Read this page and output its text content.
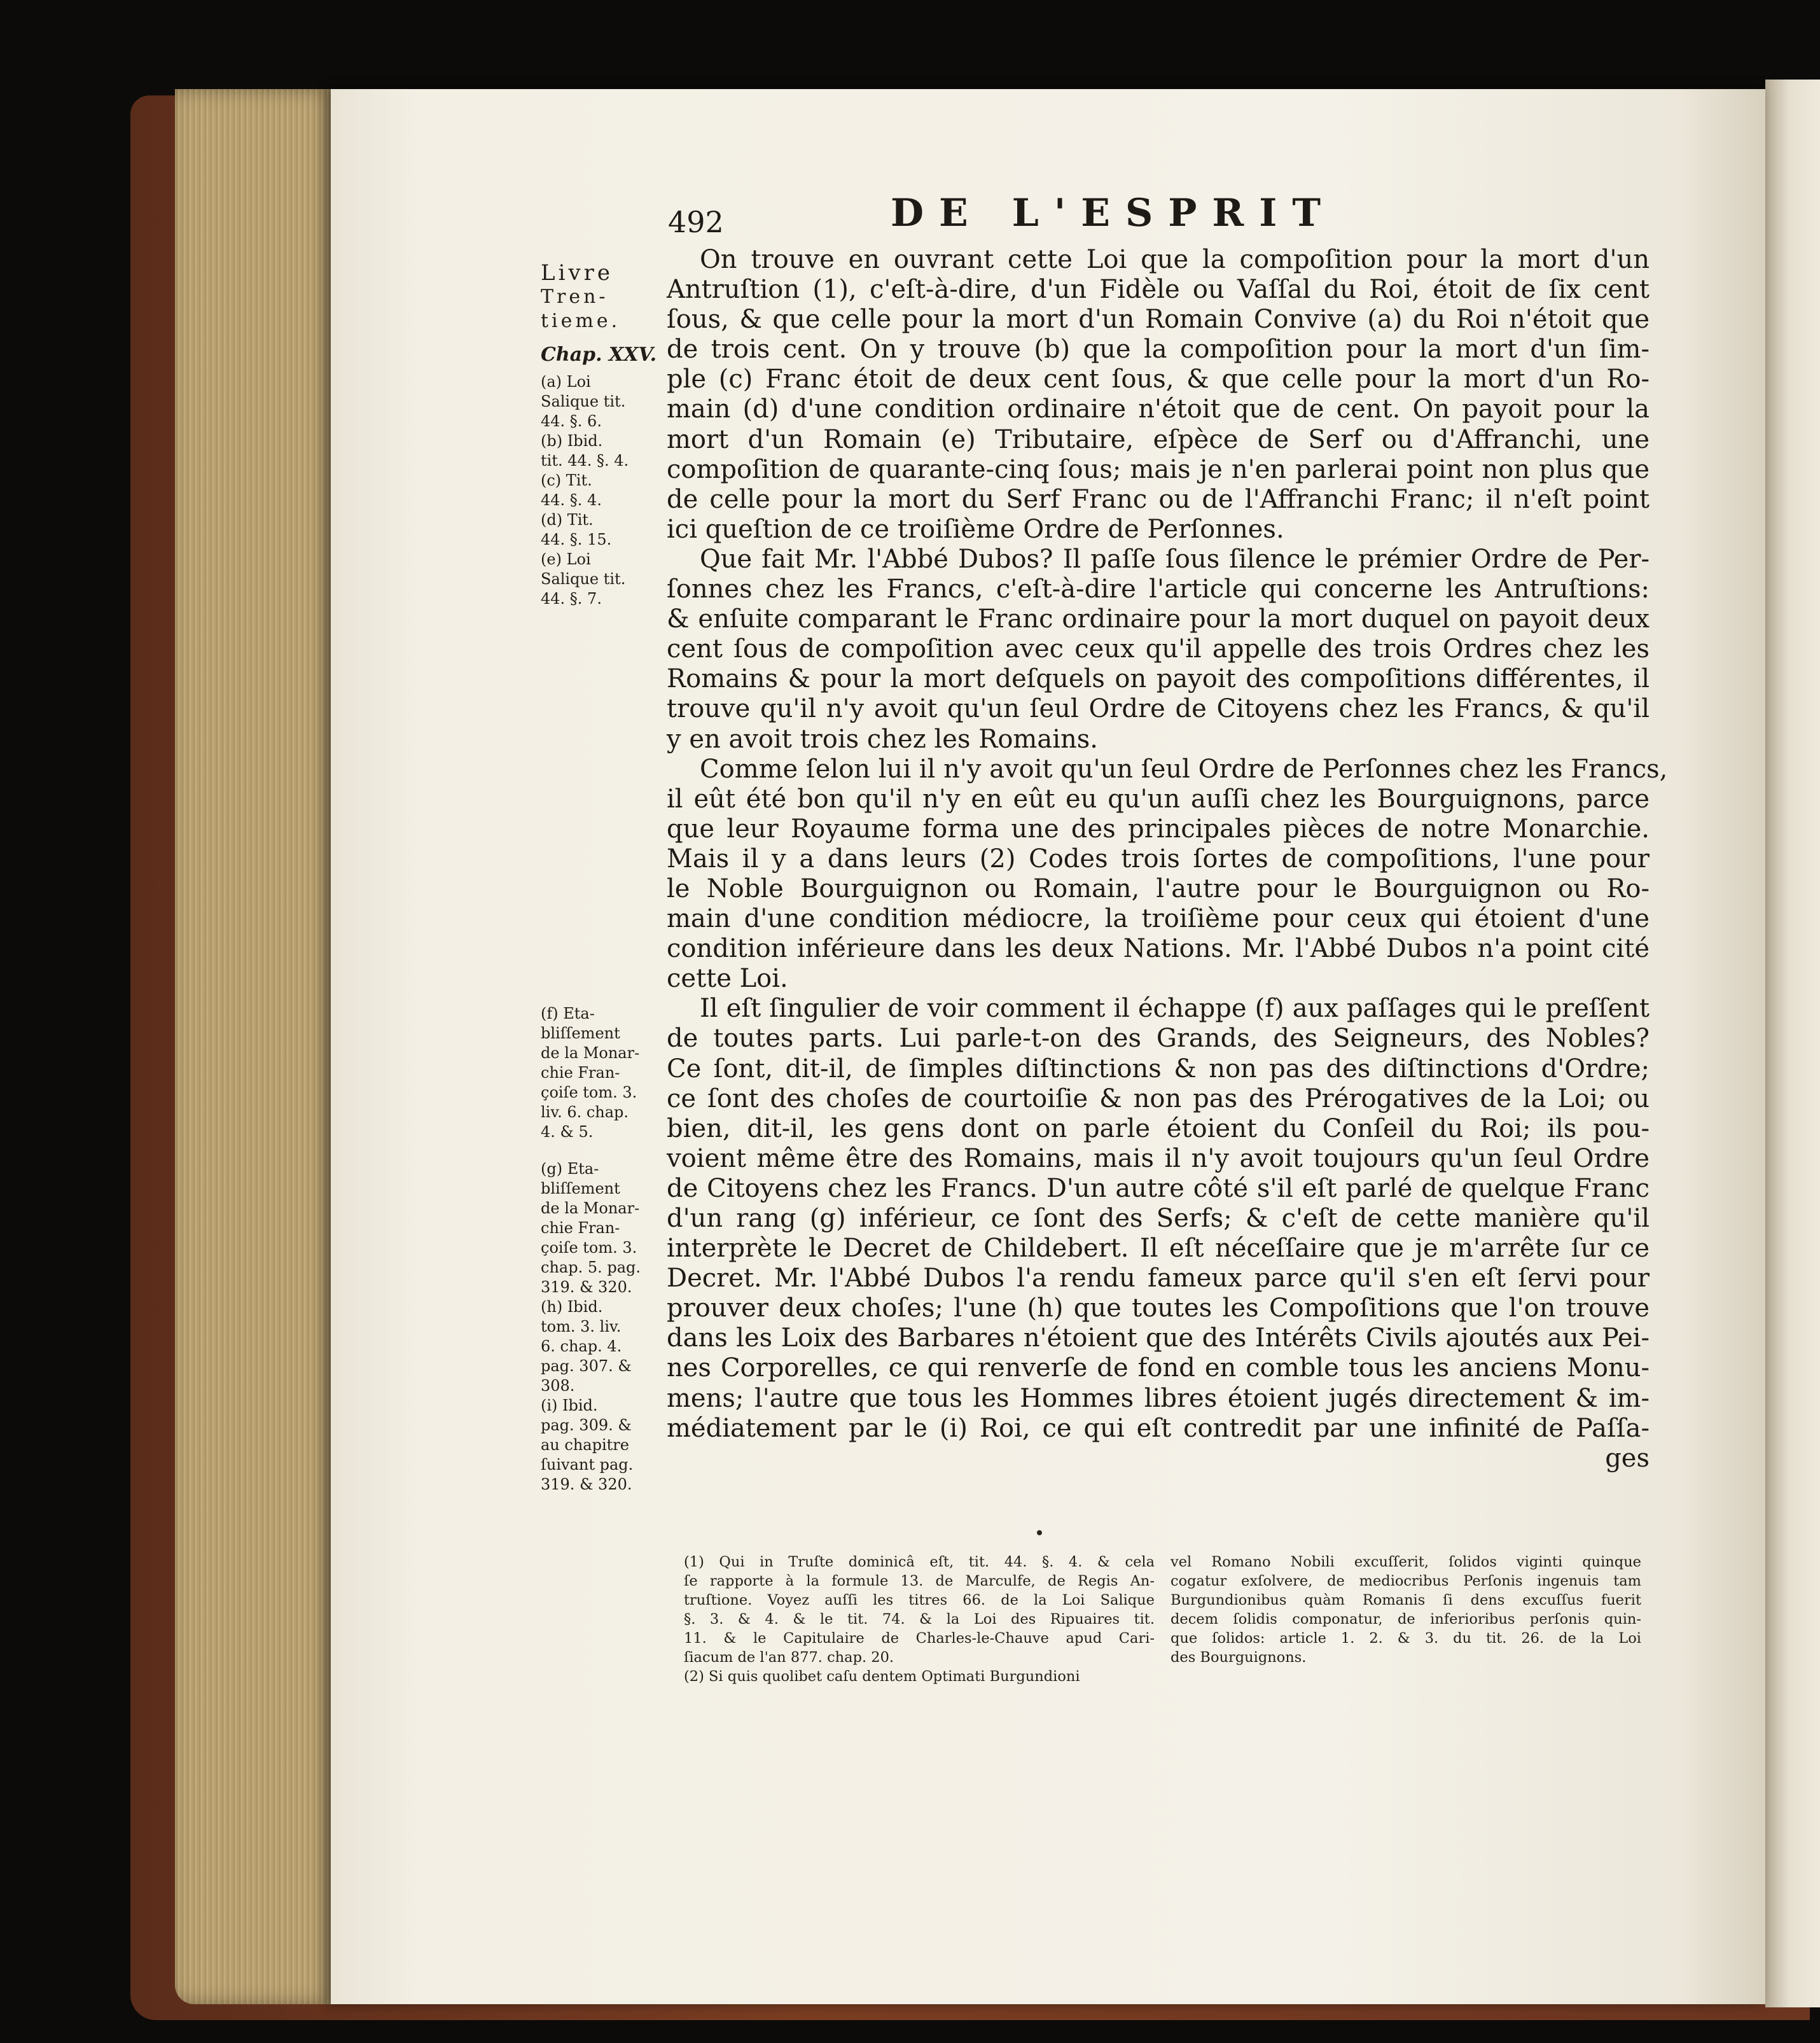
492	DE L'ESPRIT
Livre
Tren-
tieme.
Chap. XXV.
(a) Loi
Salique tit.
44. §. 6.
(b) Ibid.
tit. 44. §. 4.
(c) Tit.
44. §. 4.
(d) Tit.
44. §. 15.
(e) Loi
Salique tit.
44. §. 7.
(f) Eta-
bliſſement
de la Monar-
chie Fran-
çoiſe tom. 3.
liv. 6. chap.
4. & 5.
(g) Eta-
bliſſement
de la Monar-
chie Fran-
çoiſe tom. 3.
chap. 5. pag.
319. & 320.
(h) Ibid.
tom. 3. liv.
6. chap. 4.
pag. 307. &
308.
(i) Ibid.
pag. 309. &
au chapitre
ſuivant pag.
319. & 320.
On trouve en ouvrant cette Loi que la compoſition pour la mort d'un
Antruſtion (1), c'eſt-à-dire, d'un Fidèle ou Vaſſal du Roi, étoit de ſix cent
ſous, & que celle pour la mort d'un Romain Convive (a) du Roi n'étoit que
de trois cent. On y trouve (b) que la compoſition pour la mort d'un ſim-
ple (c) Franc étoit de deux cent ſous, & que celle pour la mort d'un Ro-
main (d) d'une condition ordinaire n'étoit que de cent. On payoit pour la
mort d'un Romain (e) Tributaire, eſpèce de Serf ou d'Affranchi, une
compoſition de quarante-cinq ſous; mais je n'en parlerai point non plus que
de celle pour la mort du Serf Franc ou de l'Affranchi Franc; il n'eſt point
ici queſtion de ce troiſième Ordre de Perſonnes.
Que fait Mr. l'Abbé Dubos? Il paſſe ſous ſilence le prémier Ordre de Per-
ſonnes chez les Francs, c'eſt-à-dire l'article qui concerne les Antruſtions:
& enſuite comparant le Franc ordinaire pour la mort duquel on payoit deux
cent ſous de compoſition avec ceux qu'il appelle des trois Ordres chez les
Romains & pour la mort deſquels on payoit des compoſitions différentes, il
trouve qu'il n'y avoit qu'un ſeul Ordre de Citoyens chez les Francs, & qu'il
y en avoit trois chez les Romains.
Comme ſelon lui il n'y avoit qu'un ſeul Ordre de Perſonnes chez les Francs,
il eût été bon qu'il n'y en eût eu qu'un auſſi chez les Bourguignons, parce
que leur Royaume forma une des principales pièces de notre Monarchie.
Mais il y a dans leurs (2) Codes trois ſortes de compoſitions, l'une pour
le Noble Bourguignon ou Romain, l'autre pour le Bourguignon ou Ro-
main d'une condition médiocre, la troiſième pour ceux qui étoient d'une
condition inférieure dans les deux Nations. Mr. l'Abbé Dubos n'a point cité
cette Loi.
Il eſt ſingulier de voir comment il échappe (f) aux paſſages qui le preſſent
de toutes parts. Lui parle-t-on des Grands, des Seigneurs, des Nobles?
Ce ſont, dit-il, de ſimples diſtinctions & non pas des diſtinctions d'Ordre;
ce ſont des choſes de courtoiſie & non pas des Prérogatives de la Loi; ou
bien, dit-il, les gens dont on parle étoient du Conſeil du Roi; ils pou-
voient même être des Romains, mais il n'y avoit toujours qu'un ſeul Ordre
de Citoyens chez les Francs. D'un autre côté s'il eſt parlé de quelque Franc
d'un rang (g) inférieur, ce ſont des Serfs; & c'eſt de cette manière qu'il
interprète le Decret de Childebert. Il eſt néceſſaire que je m'arrête ſur ce
Decret. Mr. l'Abbé Dubos l'a rendu fameux parce qu'il s'en eſt ſervi pour
prouver deux choſes; l'une (h) que toutes les Compoſitions que l'on trouve
dans les Loix des Barbares n'étoient que des Intérêts Civils ajoutés aux Pei-
nes Corporelles, ce qui renverſe de fond en comble tous les anciens Monu-
mens; l'autre que tous les Hommes libres étoient jugés directement & im-
médiatement par le (i) Roi, ce qui eſt contredit par une infinité de Paſſa-
ges
(1) Qui in Truſte dominicâ eſt, tit. 44. §. 4. & cela
ſe rapporte à la formule 13. de Marculfe, de Regis An-
truſtione. Voyez auſſi les titres 66. de la Loi Salique
§. 3. & 4. & le tit. 74. & la Loi des Ripuaires tit.
11. & le Capitulaire de Charles-le-Chauve apud Cari-
ſiacum de l'an 877. chap. 20.
(2) Si quis quolibet caſu dentem Optimati Burgundioni
vel Romano Nobili excuſſerit, ſolidos viginti quinque
cogatur exſolvere, de mediocribus Perſonis ingenuis tam
Burgundionibus quàm Romanis ſi dens excuſſus fuerit
decem ſolidis componatur, de inferioribus perſonis quin-
que ſolidos: article 1. 2. & 3. du tit. 26. de la Loi
des Bourguignons.
